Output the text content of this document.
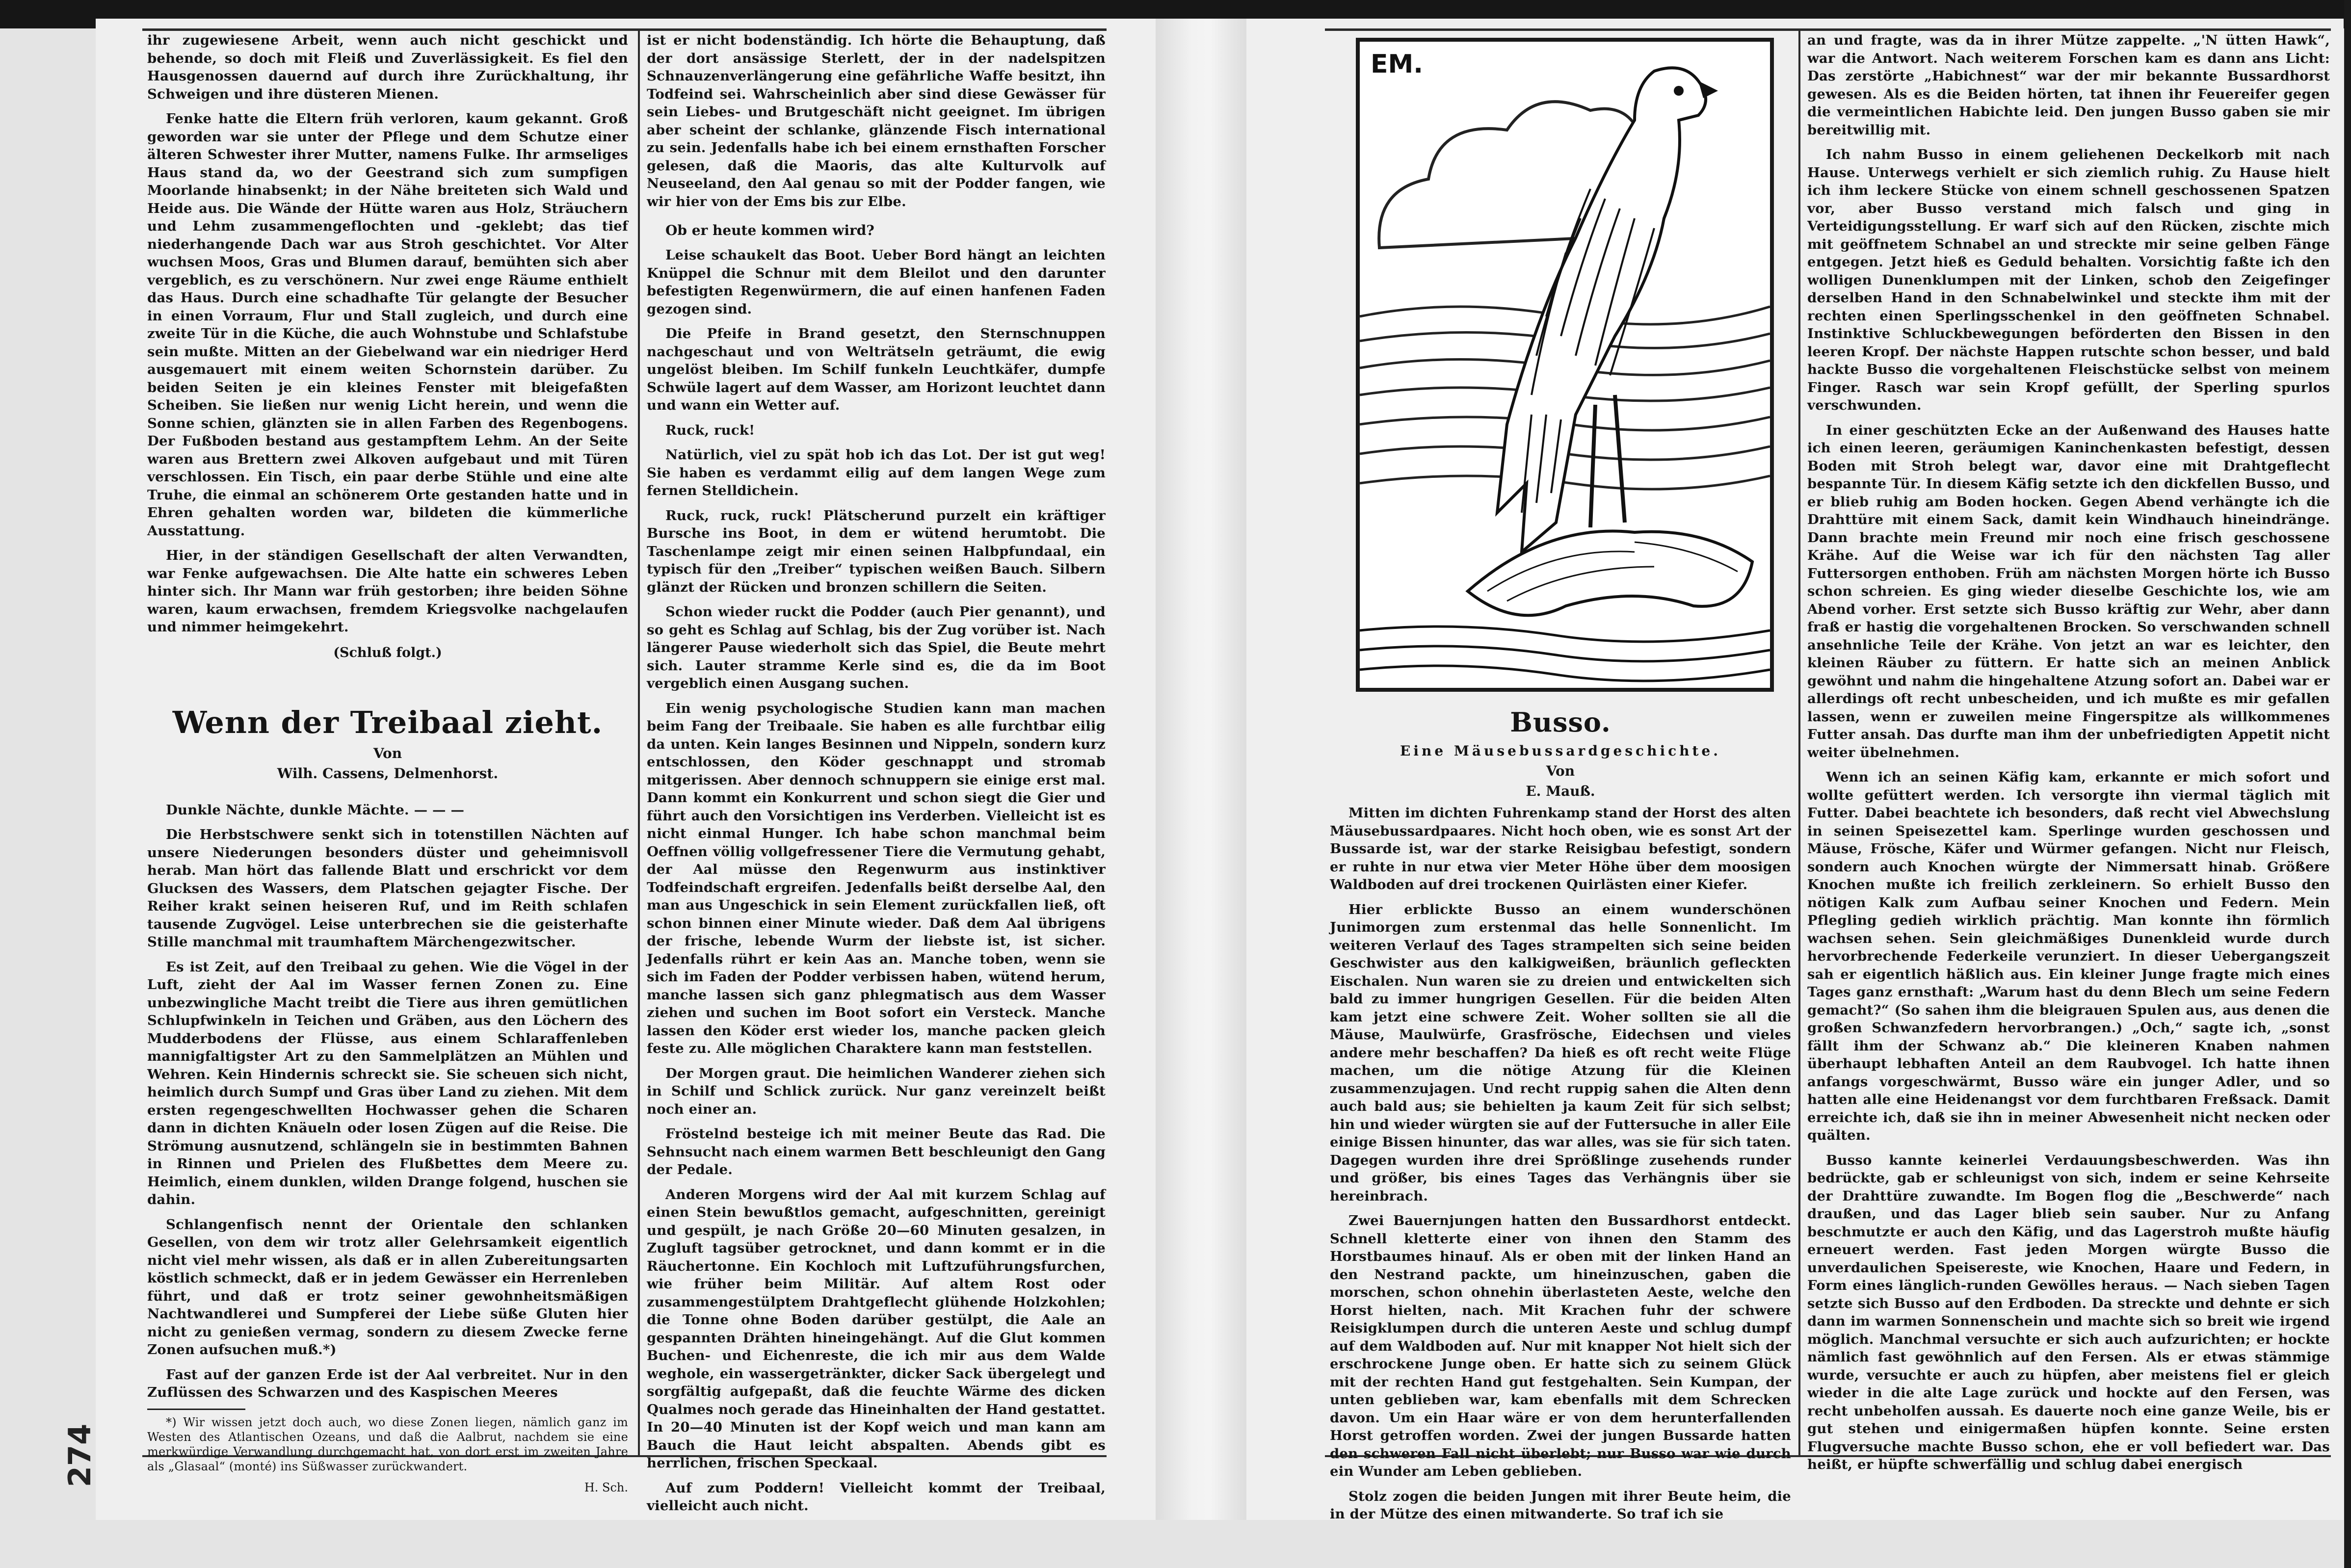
274

ihr zugewiesene Arbeit, wenn auch nicht geschickt und behende, so doch mit Fleiß und Zuverlässigkeit. Es fiel den Hausgenossen dauernd auf durch ihre Zurückhaltung, ihr Schweigen und ihre düsteren Mienen.

Fenke hatte die Eltern früh verloren, kaum gekannt. Groß geworden war sie unter der Pflege und dem Schutze einer älteren Schwester ihrer Mutter, namens Fulke. Ihr armseliges Haus stand da, wo der Geestrand sich zum sumpfigen Moorlande hinabsenkt; in der Nähe breiteten sich Wald und Heide aus. Die Wände der Hütte waren aus Holz, Sträuchern und Lehm zusammengeflochten und -geklebt; das tief niederhangende Dach war aus Stroh geschichtet. Vor Alter wuchsen Moos, Gras und Blumen darauf, bemühten sich aber vergeblich, es zu verschönern. Nur zwei enge Räume enthielt das Haus. Durch eine schadhafte Tür gelangte der Besucher in einen Vorraum, Flur und Stall zugleich, und durch eine zweite Tür in die Küche, die auch Wohnstube und Schlafstube sein mußte. Mitten an der Giebelwand war ein niedriger Herd ausgemauert mit einem weiten Schornstein darüber. Zu beiden Seiten je ein kleines Fenster mit bleigefaßten Scheiben. Sie ließen nur wenig Licht herein, und wenn die Sonne schien, glänzten sie in allen Farben des Regenbogens. Der Fußboden bestand aus gestampftem Lehm. An der Seite waren aus Brettern zwei Alkoven aufgebaut und mit Türen verschlossen. Ein Tisch, ein paar derbe Stühle und eine alte Truhe, die einmal an schönerem Orte gestanden hatte und in Ehren gehalten worden war, bildeten die kümmerliche Ausstattung.

Hier, in der ständigen Gesellschaft der alten Verwandten, war Fenke aufgewachsen. Die Alte hatte ein schweres Leben hinter sich. Ihr Mann war früh gestorben; ihre beiden Söhne waren, kaum erwachsen, fremdem Kriegsvolke nachgelaufen und nimmer heimgekehrt.

(Schluß folgt.)
Wenn der Treibaal zieht.
Von
Wilh. Cassens, Delmenhorst.

Dunkle Nächte, dunkle Mächte. — — —

Die Herbstschwere senkt sich in totenstillen Nächten auf unsere Niederungen besonders düster und geheimnisvoll herab. Man hört das fallende Blatt und erschrickt vor dem Glucksen des Wassers, dem Platschen gejagter Fische. Der Reiher krakt seinen heiseren Ruf, und im Reith schlafen tausende Zugvögel. Leise unterbrechen sie die geisterhafte Stille manchmal mit traumhaftem Märchengezwitscher.

Es ist Zeit, auf den Treibaal zu gehen. Wie die Vögel in der Luft, zieht der Aal im Wasser fernen Zonen zu. Eine unbezwingliche Macht treibt die Tiere aus ihren gemütlichen Schlupfwinkeln in Teichen und Gräben, aus den Löchern des Mudderbodens der Flüsse, aus einem Schlaraffenleben mannigfaltigster Art zu den Sammelplätzen an Mühlen und Wehren. Kein Hindernis schreckt sie. Sie scheuen sich nicht, heimlich durch Sumpf und Gras über Land zu ziehen. Mit dem ersten regengeschwellten Hochwasser gehen die Scharen dann in dichten Knäueln oder losen Zügen auf die Reise. Die Strömung ausnutzend, schlängeln sie in bestimmten Bahnen in Rinnen und Prielen des Flußbettes dem Meere zu. Heimlich, einem dunklen, wilden Drange folgend, huschen sie dahin.

Schlangenfisch nennt der Orientale den schlanken Gesellen, von dem wir trotz aller Gelehrsamkeit eigentlich nicht viel mehr wissen, als daß er in allen Zubereitungsarten köstlich schmeckt, daß er in jedem Gewässer ein Herrenleben führt, und daß er trotz seiner gewohnheitsmäßigen Nachtwandlerei und Sumpferei der Liebe süße Gluten hier nicht zu genießen vermag, sondern zu diesem Zwecke ferne Zonen aufsuchen muß.*)

Fast auf der ganzen Erde ist der Aal verbreitet. Nur in den Zuflüssen des Schwarzen und des Kaspischen Meeres

*) Wir wissen jetzt doch auch, wo diese Zonen liegen, nämlich ganz im Westen des Atlantischen Ozeans, und daß die Aalbrut, nachdem sie eine merkwürdige Verwandlung durchgemacht hat, von dort erst im zweiten Jahre als „Glasaal“ (monté) ins Süßwasser zurückwandert.

H. Sch.

ist er nicht bodenständig. Ich hörte die Behauptung, daß der dort ansässige Sterlett, der in der nadelspitzen Schnauzenverlängerung eine gefährliche Waffe besitzt, ihn Todfeind sei. Wahrscheinlich aber sind diese Gewässer für sein Liebes- und Brutgeschäft nicht geeignet. Im übrigen aber scheint der schlanke, glänzende Fisch international zu sein. Jedenfalls habe ich bei einem ernsthaften Forscher gelesen, daß die Maoris, das alte Kulturvolk auf Neuseeland, den Aal genau so mit der Podder fangen, wie wir hier von der Ems bis zur Elbe.

Ob er heute kommen wird?

Leise schaukelt das Boot. Ueber Bord hängt an leichten Knüppel die Schnur mit dem Bleilot und den darunter befestigten Regenwürmern, die auf einen hanfenen Faden gezogen sind.

Die Pfeife in Brand gesetzt, den Sternschnuppen nachgeschaut und von Welträtseln geträumt, die ewig ungelöst bleiben. Im Schilf funkeln Leuchtkäfer, dumpfe Schwüle lagert auf dem Wasser, am Horizont leuchtet dann und wann ein Wetter auf.

Ruck, ruck!

Natürlich, viel zu spät hob ich das Lot. Der ist gut weg! Sie haben es verdammt eilig auf dem langen Wege zum fernen Stelldichein.

Ruck, ruck, ruck! Plätscherund purzelt ein kräftiger Bursche ins Boot, in dem er wütend herumtobt. Die Taschenlampe zeigt mir einen seinen Halbpfundaal, ein typisch für den „Treiber“ typischen weißen Bauch. Silbern glänzt der Rücken und bronzen schillern die Seiten.

Schon wieder ruckt die Podder (auch Pier genannt), und so geht es Schlag auf Schlag, bis der Zug vorüber ist. Nach längerer Pause wiederholt sich das Spiel, die Beute mehrt sich. Lauter stramme Kerle sind es, die da im Boot vergeblich einen Ausgang suchen.

Ein wenig psychologische Studien kann man machen beim Fang der Treibaale. Sie haben es alle furchtbar eilig da unten. Kein langes Besinnen und Nippeln, sondern kurz entschlossen, den Köder geschnappt und stromab mitgerissen. Aber dennoch schnuppern sie einige erst mal. Dann kommt ein Konkurrent und schon siegt die Gier und führt auch den Vorsichtigen ins Verderben. Vielleicht ist es nicht einmal Hunger. Ich habe schon manchmal beim Oeffnen völlig vollgefressener Tiere die Vermutung gehabt, der Aal müsse den Regenwurm aus instinktiver Todfeindschaft ergreifen. Jedenfalls beißt derselbe Aal, den man aus Ungeschick in sein Element zurückfallen ließ, oft schon binnen einer Minute wieder. Daß dem Aal übrigens der frische, lebende Wurm der liebste ist, ist sicher. Jedenfalls rührt er kein Aas an. Manche toben, wenn sie sich im Faden der Podder verbissen haben, wütend herum, manche lassen sich ganz phlegmatisch aus dem Wasser ziehen und suchen im Boot sofort ein Versteck. Manche lassen den Köder erst wieder los, manche packen gleich feste zu. Alle möglichen Charaktere kann man feststellen.

Der Morgen graut. Die heimlichen Wanderer ziehen sich in Schilf und Schlick zurück. Nur ganz vereinzelt beißt noch einer an.

Fröstelnd besteige ich mit meiner Beute das Rad. Die Sehnsucht nach einem warmen Bett beschleunigt den Gang der Pedale.

Anderen Morgens wird der Aal mit kurzem Schlag auf einen Stein bewußtlos gemacht, aufgeschnitten, gereinigt und gespült, je nach Größe 20—60 Minuten gesalzen, in Zugluft tagsüber getrocknet, und dann kommt er in die Räuchertonne. Ein Kochloch mit Luftzuführungsfurchen, wie früher beim Militär. Auf altem Rost oder zusammengestülptem Drahtgeflecht glühende Holzkohlen; die Tonne ohne Boden darüber gestülpt, die Aale an gespannten Drähten hineingehängt. Auf die Glut kommen Buchen- und Eichenreste, die ich mir aus dem Walde weghole, ein wassergetränkter, dicker Sack übergelegt und sorgfältig aufgepaßt, daß die feuchte Wärme des dicken Qualmes noch gerade das Hineinhalten der Hand gestattet. In 20—40 Minuten ist der Kopf weich und man kann am Bauch die Haut leicht abspalten. Abends gibt es herrlichen, frischen Speckaal.

Auf zum Poddern! Vielleicht kommt der Treibaal, vielleicht auch nicht.

EM.
Busso.
Eine Mäusebussardgeschichte.
Von
E. Mauß.

Mitten im dichten Fuhrenkamp stand der Horst des alten Mäusebussardpaares. Nicht hoch oben, wie es sonst Art der Bussarde ist, war der starke Reisigbau befestigt, sondern er ruhte in nur etwa vier Meter Höhe über dem moosigen Waldboden auf drei trockenen Quirlästen einer Kiefer.

Hier erblickte Busso an einem wunderschönen Junimorgen zum erstenmal das helle Sonnenlicht. Im weiteren Verlauf des Tages strampelten sich seine beiden Geschwister aus den kalkigweißen, bräunlich gefleckten Eischalen. Nun waren sie zu dreien und entwickelten sich bald zu immer hungrigen Gesellen. Für die beiden Alten kam jetzt eine schwere Zeit. Woher sollten sie all die Mäuse, Maulwürfe, Grasfrösche, Eidechsen und vieles andere mehr beschaffen? Da hieß es oft recht weite Flüge machen, um die nötige Atzung für die Kleinen zusammenzujagen. Und recht ruppig sahen die Alten denn auch bald aus; sie behielten ja kaum Zeit für sich selbst; hin und wieder würgten sie auf der Futtersuche in aller Eile einige Bissen hinunter, das war alles, was sie für sich taten. Dagegen wurden ihre drei Sprößlinge zusehends runder und größer, bis eines Tages das Verhängnis über sie hereinbrach.

Zwei Bauernjungen hatten den Bussardhorst entdeckt. Schnell kletterte einer von ihnen den Stamm des Horstbaumes hinauf. Als er oben mit der linken Hand an den Nestrand packte, um hineinzuschen, gaben die morschen, schon ohnehin überlasteten Aeste, welche den Horst hielten, nach. Mit Krachen fuhr der schwere Reisigklumpen durch die unteren Aeste und schlug dumpf auf dem Waldboden auf. Nur mit knapper Not hielt sich der erschrockene Junge oben. Er hatte sich zu seinem Glück mit der rechten Hand gut festgehalten. Sein Kumpan, der unten geblieben war, kam ebenfalls mit dem Schrecken davon. Um ein Haar wäre er von dem herunterfallenden Horst getroffen worden. Zwei der jungen Bussarde hatten den schweren Fall nicht überlebt; nur Busso war wie durch ein Wunder am Leben geblieben.

Stolz zogen die beiden Jungen mit ihrer Beute heim, die in der Mütze des einen mitwanderte. So traf ich sie

an und fragte, was da in ihrer Mütze zappelte. „'N ütten Hawk“, war die Antwort. Nach weiterem Forschen kam es dann ans Licht: Das zerstörte „Habichnest“ war der mir bekannte Bussardhorst gewesen. Als es die Beiden hörten, tat ihnen ihr Feuereifer gegen die vermeintlichen Habichte leid. Den jungen Busso gaben sie mir bereitwillig mit.

Ich nahm Busso in einem geliehenen Deckelkorb mit nach Hause. Unterwegs verhielt er sich ziemlich ruhig. Zu Hause hielt ich ihm leckere Stücke von einem schnell geschossenen Spatzen vor, aber Busso verstand mich falsch und ging in Verteidigungsstellung. Er warf sich auf den Rücken, zischte mich mit geöffnetem Schnabel an und streckte mir seine gelben Fänge entgegen. Jetzt hieß es Geduld behalten. Vorsichtig faßte ich den wolligen Dunenklumpen mit der Linken, schob den Zeigefinger derselben Hand in den Schnabelwinkel und steckte ihm mit der rechten einen Sperlingsschenkel in den geöffneten Schnabel. Instinktive Schluckbewegungen beförderten den Bissen in den leeren Kropf. Der nächste Happen rutschte schon besser, und bald hackte Busso die vorgehaltenen Fleischstücke selbst von meinem Finger. Rasch war sein Kropf gefüllt, der Sperling spurlos verschwunden.

In einer geschützten Ecke an der Außenwand des Hauses hatte ich einen leeren, geräumigen Kaninchenkasten befestigt, dessen Boden mit Stroh belegt war, davor eine mit Drahtgeflecht bespannte Tür. In diesem Käfig setzte ich den dickfellen Busso, und er blieb ruhig am Boden hocken. Gegen Abend verhängte ich die Drahttüre mit einem Sack, damit kein Windhauch hineindränge. Dann brachte mein Freund mir noch eine frisch geschossene Krähe. Auf die Weise war ich für den nächsten Tag aller Futtersorgen enthoben. Früh am nächsten Morgen hörte ich Busso schon schreien. Es ging wieder dieselbe Geschichte los, wie am Abend vorher. Erst setzte sich Busso kräftig zur Wehr, aber dann fraß er hastig die vorgehaltenen Brocken. So verschwanden schnell ansehnliche Teile der Krähe. Von jetzt an war es leichter, den kleinen Räuber zu füttern. Er hatte sich an meinen Anblick gewöhnt und nahm die hingehaltene Atzung sofort an. Dabei war er allerdings oft recht unbescheiden, und ich mußte es mir gefallen lassen, wenn er zuweilen meine Fingerspitze als willkommenes Futter ansah. Das durfte man ihm der unbefriedigten Appetit nicht weiter übelnehmen.

Wenn ich an seinen Käfig kam, erkannte er mich sofort und wollte gefüttert werden. Ich versorgte ihn viermal täglich mit Futter. Dabei beachtete ich besonders, daß recht viel Abwechslung in seinen Speisezettel kam. Sperlinge wurden geschossen und Mäuse, Frösche, Käfer und Würmer gefangen. Nicht nur Fleisch, sondern auch Knochen würgte der Nimmersatt hinab. Größere Knochen mußte ich freilich zerkleinern. So erhielt Busso den nötigen Kalk zum Aufbau seiner Knochen und Federn. Mein Pflegling gedieh wirklich prächtig. Man konnte ihn förmlich wachsen sehen. Sein gleichmäßiges Dunenkleid wurde durch hervorbrechende Federkeile verunziert. In dieser Uebergangszeit sah er eigentlich häßlich aus. Ein kleiner Junge fragte mich eines Tages ganz ernsthaft: „Warum hast du denn Blech um seine Federn gemacht?“ (So sahen ihm die bleigrauen Spulen aus, aus denen die großen Schwanzfedern hervorbrangen.) „Och,“ sagte ich, „sonst fällt ihm der Schwanz ab.“ Die kleineren Knaben nahmen überhaupt lebhaften Anteil an dem Raubvogel. Ich hatte ihnen anfangs vorgeschwärmt, Busso wäre ein junger Adler, und so hatten alle eine Heidenangst vor dem furchtbaren Freßsack. Damit erreichte ich, daß sie ihn in meiner Abwesenheit nicht necken oder quälten.

Busso kannte keinerlei Verdauungsbeschwerden. Was ihn bedrückte, gab er schleunigst von sich, indem er seine Kehrseite der Drahttüre zuwandte. Im Bogen flog die „Beschwerde“ nach draußen, und das Lager blieb sein sauber. Nur zu Anfang beschmutzte er auch den Käfig, und das Lagerstroh mußte häufig erneuert werden. Fast jeden Morgen würgte Busso die unverdaulichen Speisereste, wie Knochen, Haare und Federn, in Form eines länglich-runden Gewölles heraus. — Nach sieben Tagen setzte sich Busso auf den Erdboden. Da streckte und dehnte er sich dann im warmen Sonnenschein und machte sich so breit wie irgend möglich. Manchmal versuchte er sich auch aufzurichten; er hockte nämlich fast gewöhnlich auf den Fersen. Als er etwas stämmige wurde, versuchte er auch zu hüpfen, aber meistens fiel er gleich wieder in die alte Lage zurück und hockte auf den Fersen, was recht unbeholfen aussah. Es dauerte noch eine ganze Weile, bis er gut stehen und einigermaßen hüpfen konnte. Seine ersten Flugversuche machte Busso schon, ehe er voll befiedert war. Das heißt, er hüpfte schwerfällig und schlug dabei energisch
